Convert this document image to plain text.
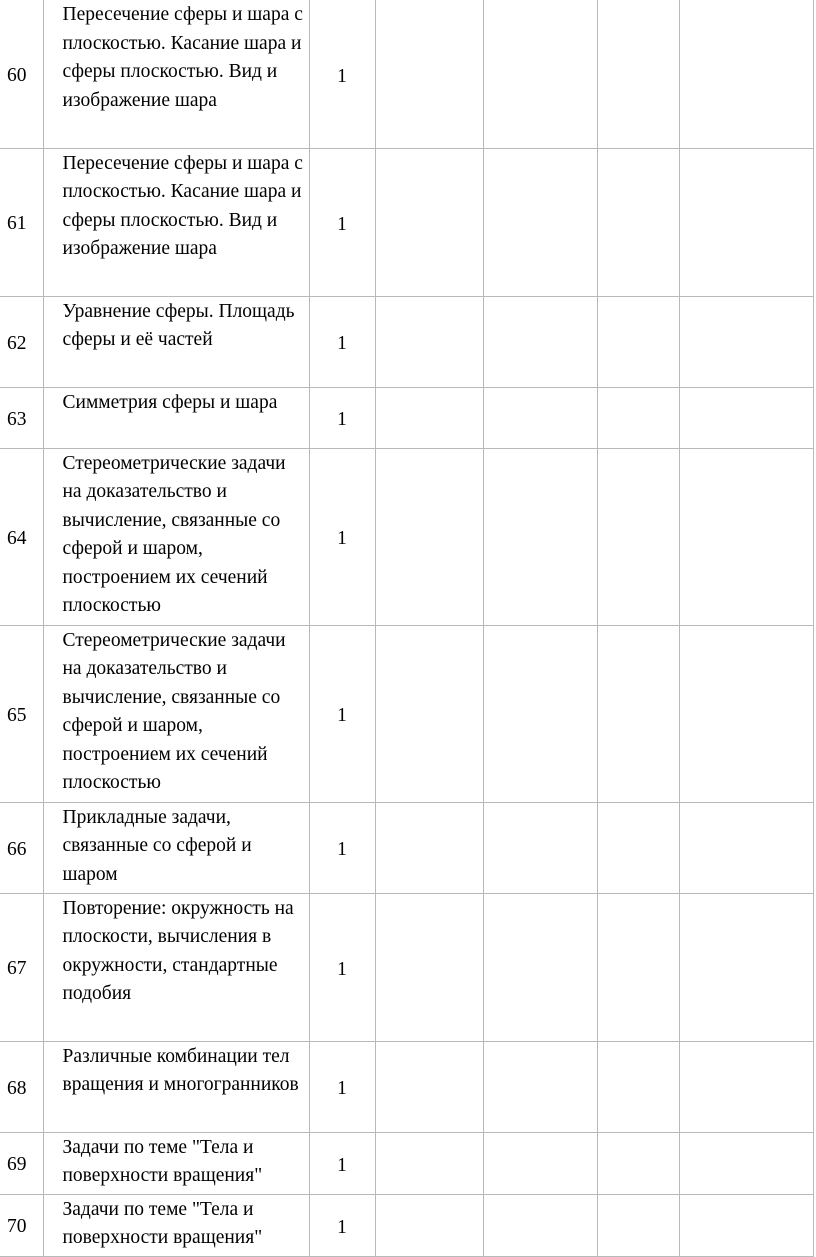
60	Пересечение сферы и шара с плоскостью. Касание шара и сферы плоскостью. Вид и изображение шара	1				
61	Пересечение сферы и шара с плоскостью. Касание шара и сферы плоскостью. Вид и изображение шара	1				
62	Уравнение сферы. Площадь сферы и её частей	1				
63	Симметрия сферы и шара	1				
64	Стереометрические задачи на доказательство и вычисление, связанные со сферой и шаром, построением их сечений плоскостью	1				
65	Стереометрические задачи на доказательство и вычисление, связанные со сферой и шаром, построением их сечений плоскостью	1				
66	Прикладные задачи, связанные со сферой и шаром	1				
67	Повторение: окружность на плоскости, вычисления в окружности, стандартные подобия	1				
68	Различные комбинации тел вращения и многогранников	1				
69	Задачи по теме "Тела и поверхности вращения"	1				
70	Задачи по теме "Тела и поверхности вращения"	1				
